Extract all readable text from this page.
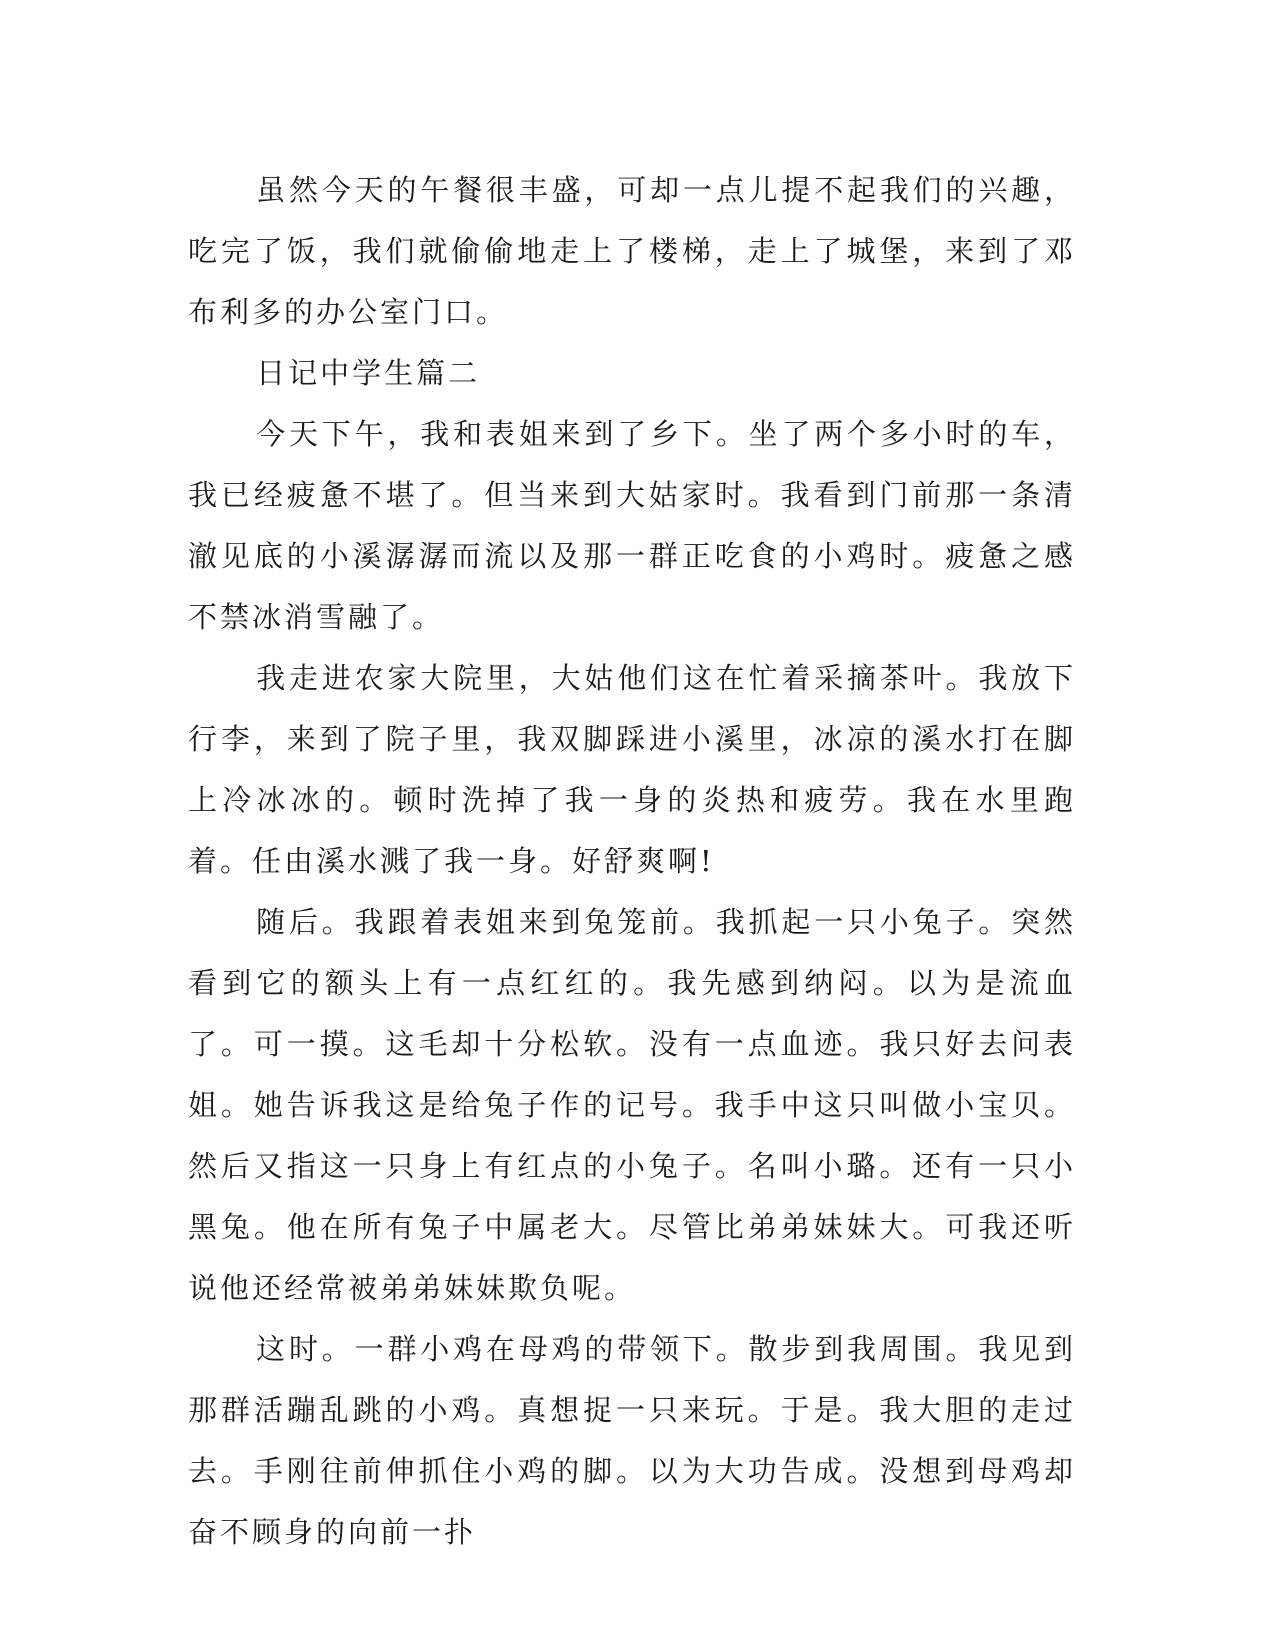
虽然今天的午餐很丰盛，可却一点儿提不起我们的兴趣，吃完了饭，我们就偷偷地走上了楼梯，走上了城堡，来到了邓布利多的办公室门口。

日记中学生篇二

今天下午，我和表姐来到了乡下。坐了两个多小时的车，我已经疲惫不堪了。但当来到大姑家时。我看到门前那一条清澈见底的小溪潺潺而流以及那一群正吃食的小鸡时。疲惫之感不禁冰消雪融了。

我走进农家大院里，大姑他们这在忙着采摘茶叶。我放下行李，来到了院子里，我双脚踩进小溪里，冰凉的溪水打在脚上冷冰冰的。顿时洗掉了我一身的炎热和疲劳。我在水里跑着。任由溪水溅了我一身。好舒爽啊!

随后。我跟着表姐来到兔笼前。我抓起一只小兔子。突然看到它的额头上有一点红红的。我先感到纳闷。以为是流血了。可一摸。这毛却十分松软。没有一点血迹。我只好去问表姐。她告诉我这是给兔子作的记号。我手中这只叫做小宝贝。然后又指这一只身上有红点的小兔子。名叫小璐。还有一只小黑兔。他在所有兔子中属老大。尽管比弟弟妹妹大。可我还听说他还经常被弟弟妹妹欺负呢。

这时。一群小鸡在母鸡的带领下。散步到我周围。我见到那群活蹦乱跳的小鸡。真想捉一只来玩。于是。我大胆的走过去。手刚往前伸抓住小鸡的脚。以为大功告成。没想到母鸡却奋不顾身的向前一扑
